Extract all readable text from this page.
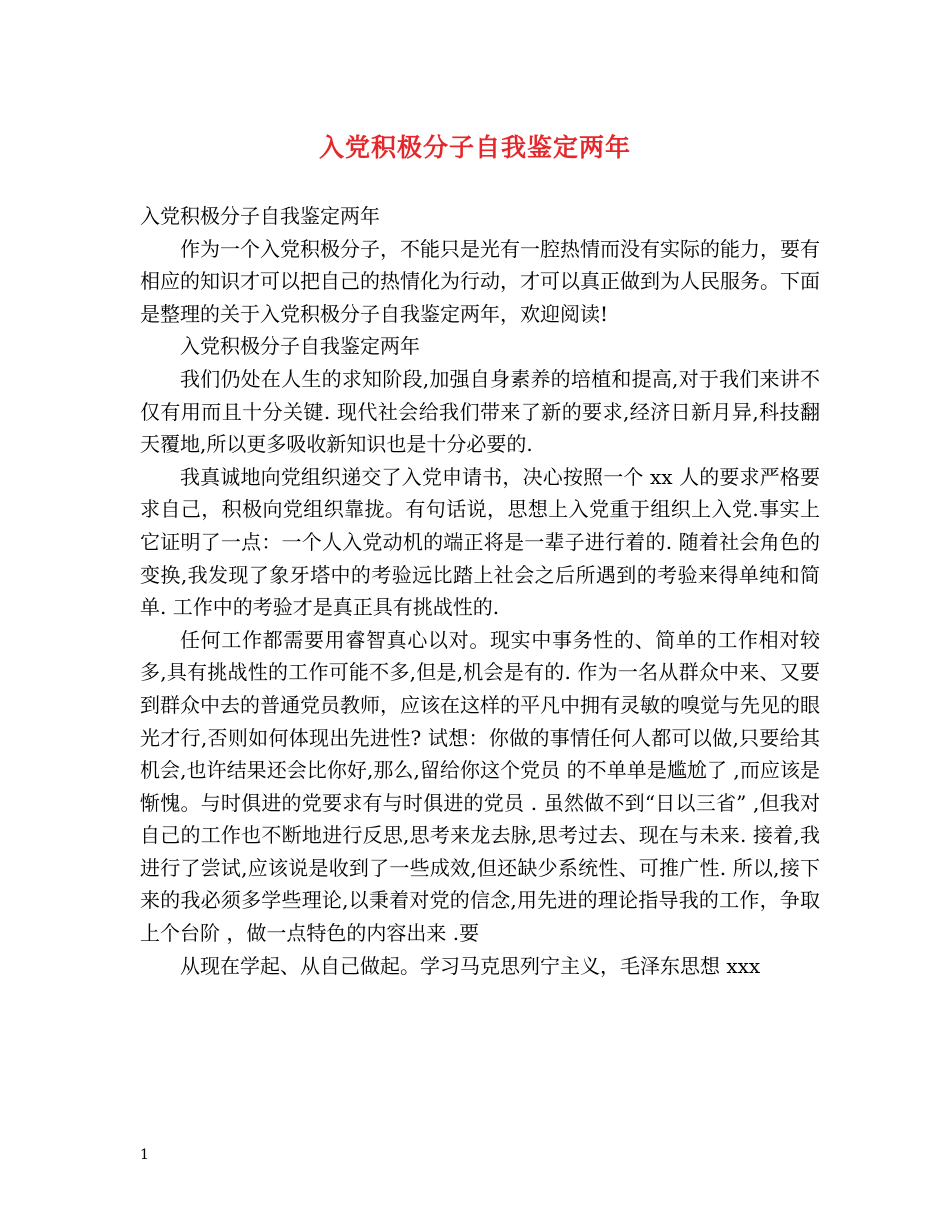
入党积极分子自我鉴定两年

入党积极分子自我鉴定两年

作为一个入党积极分子，不能只是光有一腔热情而没有实际的能力，要有相应的知识才可以把自己的热情化为行动，才可以真正做到为人民服务。下面是整理的关于入党积极分子自我鉴定两年，欢迎阅读!

入党积极分子自我鉴定两年

我们仍处在人生的求知阶段,加强自身素养的培植和提高,对于我们来讲不仅有用而且十分关键. 现代社会给我们带来了新的要求,经济日新月异,科技翻天覆地,所以更多吸收新知识也是十分必要的.

我真诚地向党组织递交了入党申请书，决心按照一个 xx 人的要求严格要求自己，积极向党组织靠拢。有句话说，思想上入党重于组织上入党.事实上它证明了一点：一个人入党动机的端正将是一辈子进行着的. 随着社会角色的变换,我发现了象牙塔中的考验远比踏上社会之后所遇到的考验来得单纯和简单. 工作中的考验才是真正具有挑战性的.

任何工作都需要用睿智真心以对。现实中事务性的、简单的工作相对较多,具有挑战性的工作可能不多,但是,机会是有的. 作为一名从群众中来、又要到群众中去的普通党员教师，应该在这样的平凡中拥有灵敏的嗅觉与先见的眼光才行,否则如何体现出先进性? 试想：你做的事情任何人都可以做,只要给其机会,也许结果还会比你好,那么,留给你这个党员 的不单单是尴尬了 ,而应该是惭愧。与时俱进的党要求有与时俱进的党员 . 虽然做不到“日以三省” ,但我对自己的工作也不断地进行反思,思考来龙去脉,思考过去、现在与未来. 接着,我进行了尝试,应该说是收到了一些成效,但还缺少系统性、可推广性. 所以,接下来的我必须多学些理论,以秉着对党的信念,用先进的理论指导我的工作，争取上个台阶 ，做一点特色的内容出来 .要

从现在学起、从自己做起。学习马克思列宁主义，毛泽东思想 xxx

1
